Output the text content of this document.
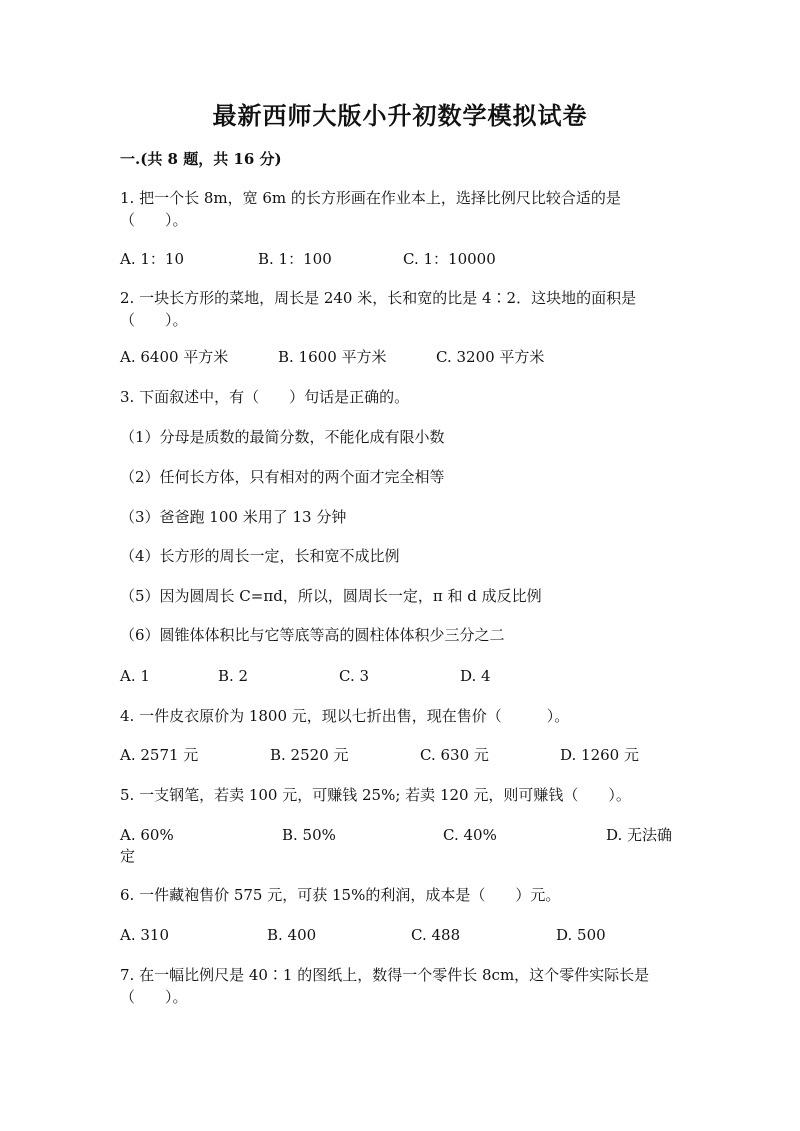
最新西师大版小升初数学模拟试卷
一.(共 8 题，共 16 分)
1. 把一个长 8m，宽 6m 的长方形画在作业本上，选择比例尺比较合适的是
（　　）。
A. 1：10	B. 1：100	C. 1：10000
2. 一块长方形的菜地，周长是 240 米，长和宽的比是 4∶2．这块地的面积是
（　　）。
A. 6400 平方米	B. 1600 平方米	C. 3200 平方米
3. 下面叙述中，有（　　）句话是正确的。
（1）分母是质数的最简分数，不能化成有限小数
（2）任何长方体，只有相对的两个面才完全相等
（3）爸爸跑 100 米用了 13 分钟
（4）长方形的周长一定，长和宽不成比例
（5）因为圆周长 C=πd，所以，圆周长一定，π 和 d 成反比例
（6）圆锥体体积比与它等底等高的圆柱体体积少三分之二
A. 1	B. 2	C. 3	D. 4
4. 一件皮衣原价为 1800 元，现以七折出售，现在售价（　　　）。
A. 2571 元	B. 2520 元	C. 630 元	D. 1260 元
5. 一支钢笔，若卖 100 元，可赚钱 25%; 若卖 120 元，则可赚钱（　　）。
A. 60%	B. 50%	C. 40%	D. 无法确
定
6. 一件藏袍售价 575 元，可获 15%的利润，成本是（　　）元。
A. 310	B. 400	C. 488	D. 500
7. 在一幅比例尺是 40∶1 的图纸上，数得一个零件长 8cm，这个零件实际长是
（　　）。
